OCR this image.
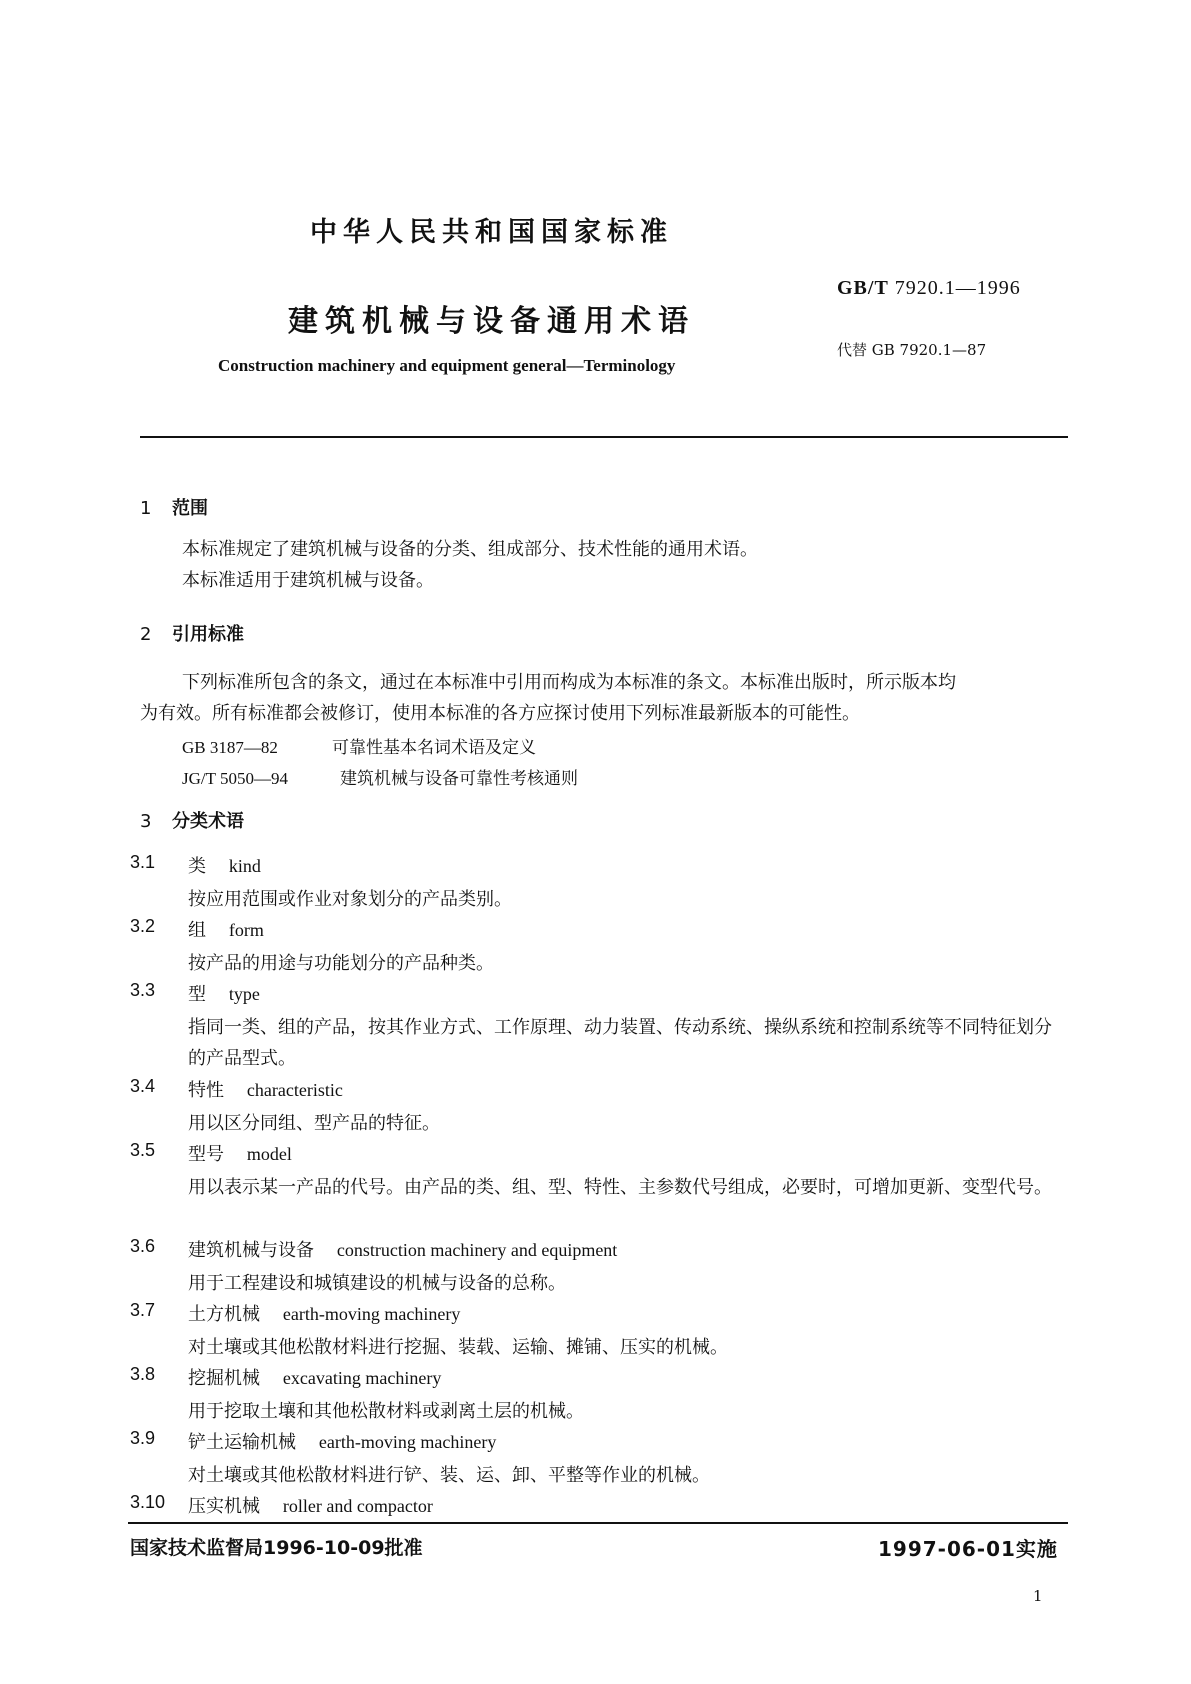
中华人民共和国国家标准
建筑机械与设备通用术语
Construction machinery and equipment general—Terminology
GB/T 7920.1—1996
代替 GB 7920.1—87
1 范围
本标准规定了建筑机械与设备的分类、组成部分、技术性能的通用术语。
本标准适用于建筑机械与设备。
2 引用标准
下列标准所包含的条文，通过在本标准中引用而构成为本标准的条文。本标准出版时，所示版本均
为有效。所有标准都会被修订，使用本标准的各方应探讨使用下列标准最新版本的可能性。
GB 3187—82	可靠性基本名词术语及定义
JG/T 5050—94	建筑机械与设备可靠性考核通则
3 分类术语
3.1 类 kind
按应用范围或作业对象划分的产品类别。
3.2 组 form
按产品的用途与功能划分的产品种类。
3.3 型 type
指同一类、组的产品，按其作业方式、工作原理、动力装置、传动系统、操纵系统和控制系统等不同特征划分的产品型式。
3.4 特性 characteristic
用以区分同组、型产品的特征。
3.5 型号 model
用以表示某一产品的代号。由产品的类、组、型、特性、主参数代号组成，必要时，可增加更新、变型代号。
3.6 建筑机械与设备 construction machinery and equipment
用于工程建设和城镇建设的机械与设备的总称。
3.7 土方机械 earth-moving machinery
对土壤或其他松散材料进行挖掘、装载、运输、摊铺、压实的机械。
3.8 挖掘机械 excavating machinery
用于挖取土壤和其他松散材料或剥离土层的机械。
3.9 铲土运输机械 earth-moving machinery
对土壤或其他松散材料进行铲、装、运、卸、平整等作业的机械。
3.10 压实机械 roller and compactor
国家技术监督局1996-10-09批准	1997-06-01实施
1
